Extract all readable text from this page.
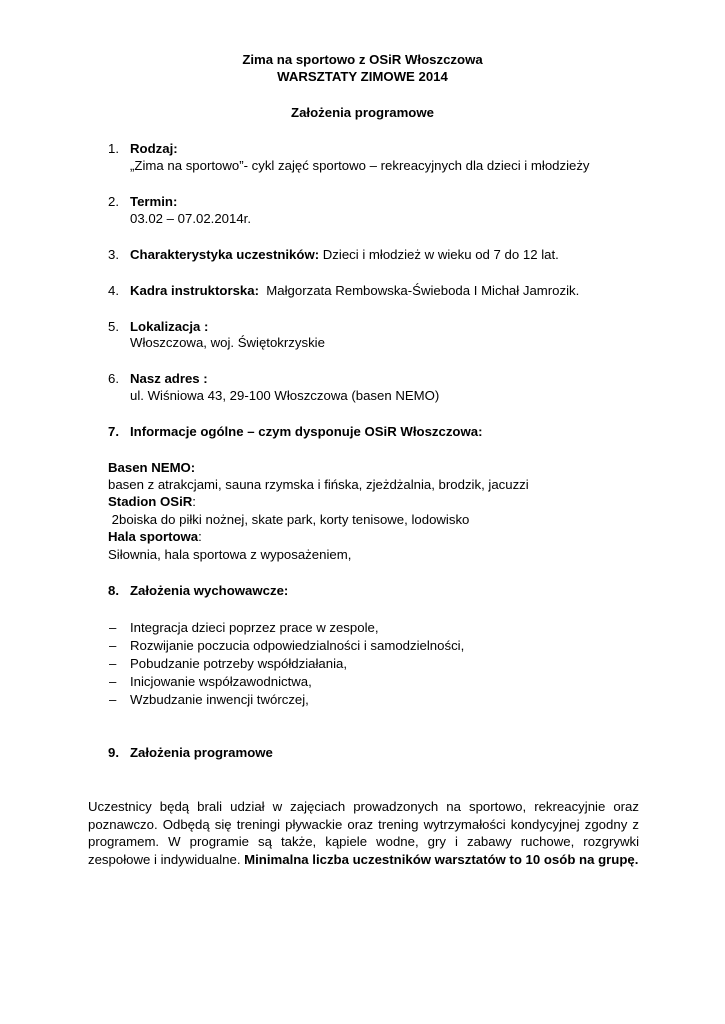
Zima na sportowo z OSiR Włoszczowa
WARSZTATY ZIMOWE 2014
Założenia programowe
1. Rodzaj:
„Zima na sportowo”- cykl zajęć sportowo – rekreacyjnych dla dzieci i młodzieży
2. Termin:
03.02 – 07.02.2014r.
3. Charakterystyka uczestników: Dzieci i młodzież w wieku od 7 do 12 lat.
4. Kadra instruktorska:  Małgorzata Rembowska-Świeboda I Michał Jamrozik.
5. Lokalizacja :
Włoszczowa, woj. Świętokrzyskie
6. Nasz adres :
ul. Wiśniowa 43, 29-100 Włoszczowa (basen NEMO)
7. Informacje ogólne – czym dysponuje OSiR Włoszczowa:
Basen NEMO:
basen z atrakcjami, sauna rzymska i fińska, zjeżdżalnia, brodzik, jacuzzi
Stadion OSiR:
2boiska do piłki nożnej, skate park, korty tenisowe, lodowisko
Hala sportowa:
Siłownia, hala sportowa z wyposażeniem,
8. Założenia wychowawcze:
– Integracja dzieci poprzez prace w zespole,
– Rozwijanie poczucia odpowiedzialności i samodzielności,
– Pobudzanie potrzeby współdziałania,
– Inicjowanie współzawodnictwa,
– Wzbudzanie inwencji twórczej,
9. Założenia programowe
Uczestnicy będą brali udział w zajęciach prowadzonych na sportowo, rekreacyjnie oraz poznawczo. Odbędą się treningi pływackie oraz trening wytrzymałości kondycyjnej zgodny z programem. W programie są także, kąpiele wodne, gry i zabawy ruchowe, rozgrywki zespołowe i indywidualne. Minimalna liczba uczestników warsztatów to 10 osób na grupę.
